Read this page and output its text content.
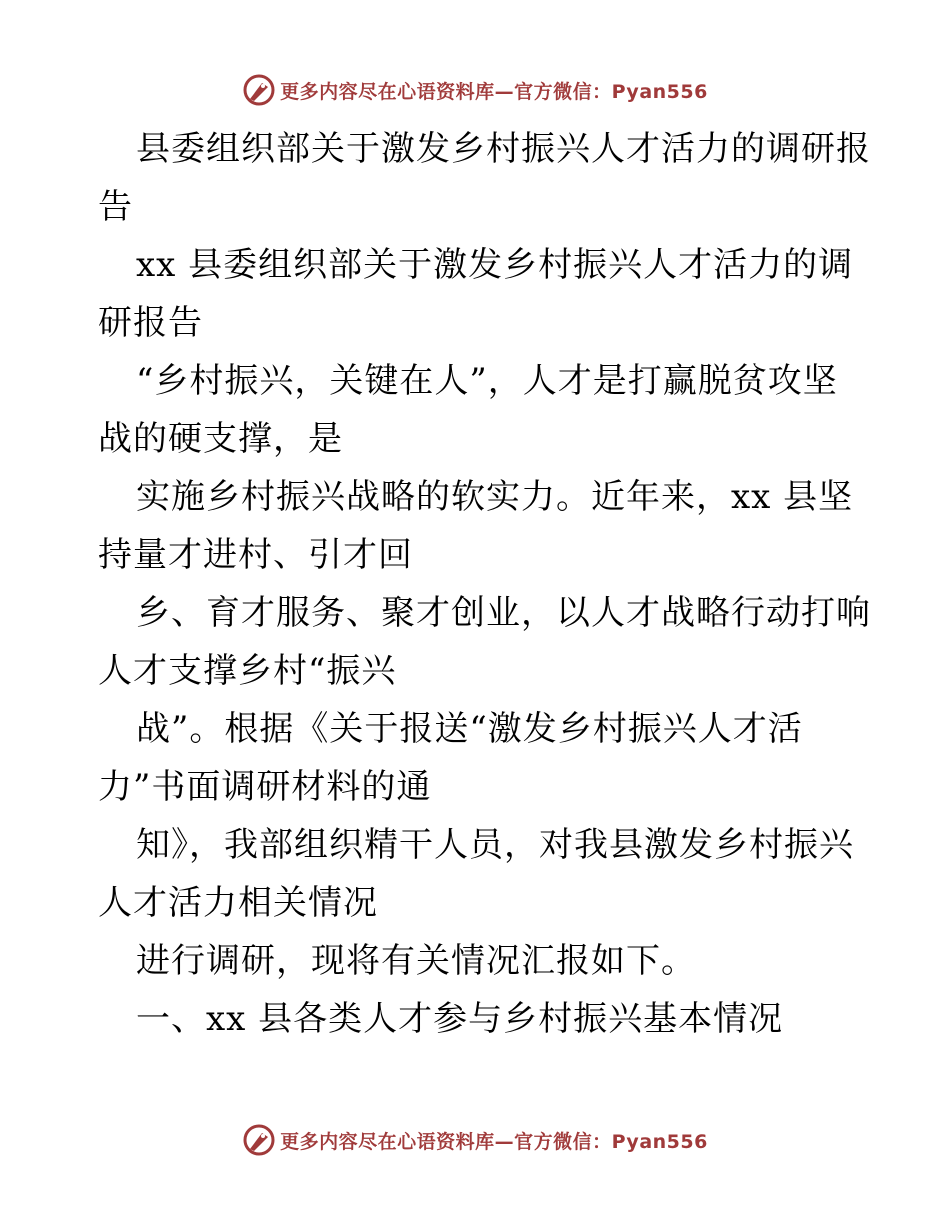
更多内容尽在心语资料库—官方微信：Pyan556
县委组织部关于激发乡村振兴人才活力的调研报
告
xx 县委组织部关于激发乡村振兴人才活力的调
研报告
“乡村振兴，关键在人”，人才是打赢脱贫攻坚
战的硬支撑，是
实施乡村振兴战略的软实力。近年来，xx 县坚
持量才进村、引才回
乡、育才服务、聚才创业，以人才战略行动打响
人才支撑乡村“振兴
战”。根据《关于报送“激发乡村振兴人才活
力”书面调研材料的通
知》，我部组织精干人员，对我县激发乡村振兴
人才活力相关情况
进行调研，现将有关情况汇报如下。
一、xx 县各类人才参与乡村振兴基本情况
更多内容尽在心语资料库—官方微信：Pyan556
